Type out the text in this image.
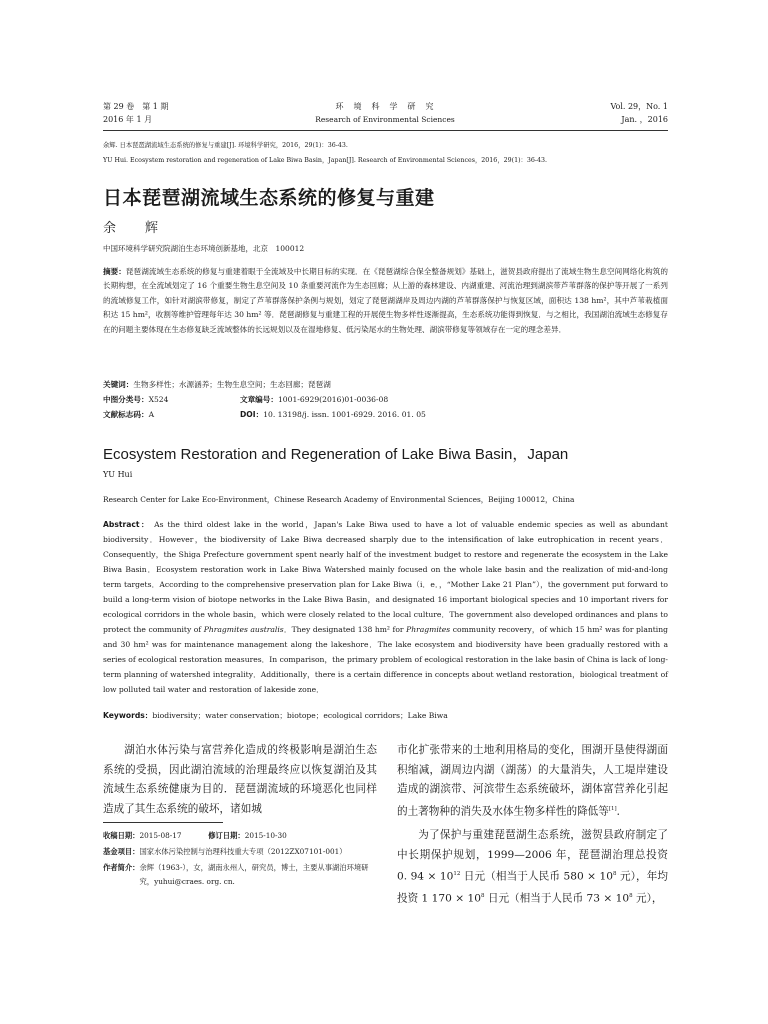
第 29 卷　第 1 期
2016 年 1 月
环　境　科　学　研　究
Research of Environmental Sciences
Vol. 29，No. 1
Jan. ，2016
余辉. 日本琵琶湖流域生态系统的修复与重建[J]. 环境科学研究，2016，29(1)：36-43.
YU Hui. Ecosystem restoration and regeneration of Lake Biwa Basin，Japan[J]. Research of Environmental Sciences，2016，29(1)：36-43.
日本琵琶湖流域生态系统的修复与重建
余　辉
中国环境科学研究院湖泊生态环境创新基地，北京　100012
摘要：琵琶湖流域生态系统的修复与重建着眼于全流域及中长期目标的实现．在《琵琶湖综合保全整备规划》基础上，滋贺县政府提出了流域生物生息空间网络化构筑的长期构想，在全流域划定了 16 个重要生物生息空间及 10 条重要河流作为生态回廊；从上游的森林建设、内湖重建、河流治理到湖滨带芦苇群落的保护等开展了一系列的流域修复工作，如针对湖滨带修复，制定了芦苇群落保护条例与规划，划定了琵琶湖湖岸及周边内湖的芦苇群落保护与恢复区域，面积达 138 hm²，其中芦苇栽植面积达 15 hm²，收割等维护管理每年达 30 hm² 等．琵琶湖修复与重建工程的开展使生物多样性逐渐提高，生态系统功能得到恢复．与之相比，我国湖泊流域生态修复存在的问题主要体现在生态修复缺乏流域整体的长远规划以及在湿地修复、低污染尾水的生物处理、湖滨带修复等领域存在一定的理念差异．
关键词：生物多样性；水源涵养；生物生息空间；生态回廊；琵琶湖
中图分类号：X524	文章编号：1001-6929(2016)01-0036-08
文献标志码：A	DOI：10. 13198/j. issn. 1001-6929. 2016. 01. 05
Ecosystem Restoration and Regeneration of Lake Biwa Basin，Japan
YU Hui
Research Center for Lake Eco-Environment，Chinese Research Academy of Environmental Sciences，Beijing 100012，China
Abstract： As the third oldest lake in the world，Japan's Lake Biwa used to have a lot of valuable endemic species as well as abundant biodiversity．However，the biodiversity of Lake Biwa decreased sharply due to the intensification of lake eutrophication in recent years．Consequently，the Shiga Prefecture government spent nearly half of the investment budget to restore and regenerate the ecosystem in the Lake Biwa Basin．Ecosystem restoration work in Lake Biwa Watershed mainly focused on the whole lake basin and the realization of mid-and-long term targets．According to the comprehensive preservation plan for Lake Biwa（i．e．，“Mother Lake 21 Plan”），the government put forward to build a long-term vision of biotope networks in the Lake Biwa Basin，and designated 16 important biological species and 10 important rivers for ecological corridors in the whole basin，which were closely related to the local culture．The government also developed ordinances and plans to protect the community of Phragmites australis．They designated 138 hm² for Phragmites community recovery，of which 15 hm² was for planting and 30 hm² was for maintenance management along the lakeshore．The lake ecosystem and biodiversity have been gradually restored with a series of ecological restoration measures．In comparison，the primary problem of ecological restoration in the lake basin of China is lack of long-term planning of watershed integrality．Additionally，there is a certain difference in concepts about wetland restoration，biological treatment of low polluted tail water and restoration of lakeside zone．
Keywords：biodiversity；water conservation；biotope；ecological corridors；Lake Biwa
湖泊水体污染与富营养化造成的终极影响是湖泊生态系统的受损，因此湖泊流域的治理最终应以恢复湖泊及其流域生态系统健康为目的．琵琶湖流域的环境恶化也同样造成了其生态系统的破坏，诸如城
收稿日期：2015-08-17	修订日期：2015-10-30
基金项目： 国家水体污染控制与治理科技重大专项（2012ZX07101-001）
作者简介： 余辉（1963-），女，湖南永州人，研究员，博士，主要从事湖泊环境研究，yuhui@craes. org. cn.
市化扩张带来的土地利用格局的变化，围湖开垦使得湖面积缩减，湖周边内湖（湖荡）的大量消失，人工堤岸建设造成的湖滨带、河滨带生态系统破坏，湖体富营养化引起的土著物种的消失及水体生物多样性的降低等[1]．
为了保护与重建琵琶湖生态系统，滋贺县政府制定了中长期保护规划，1999—2006 年，琵琶湖治理总投资 0. $94 \times 10^{12}$ 日元（相当于人民币 $580 \times 10^8$ 元），年均投资 1 $170 \times 10^8$ 日元（相当于人民币 $73 \times 10^8$ 元），
